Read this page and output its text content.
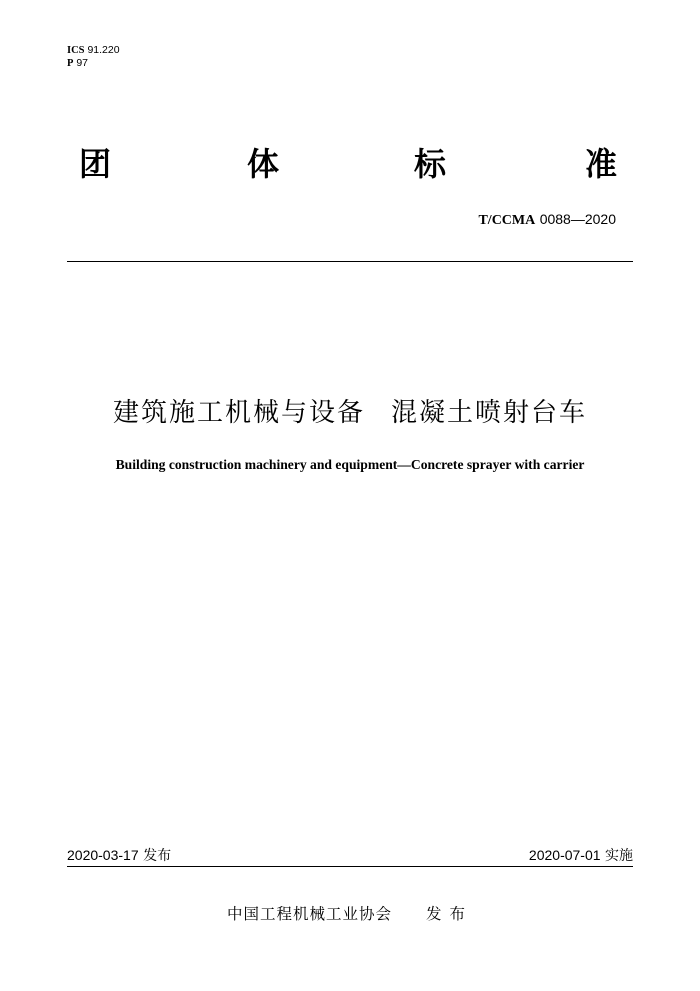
ICS 91.220
P 97
团	体	标	准
T/CCMA 0088—2020
建筑施工机械与设备 混凝土喷射台车
Building construction machinery and equipment—Concrete sprayer with carrier
2020-03-17 发布	2020-07-01 实施
中国工程机械工业协会 发布
